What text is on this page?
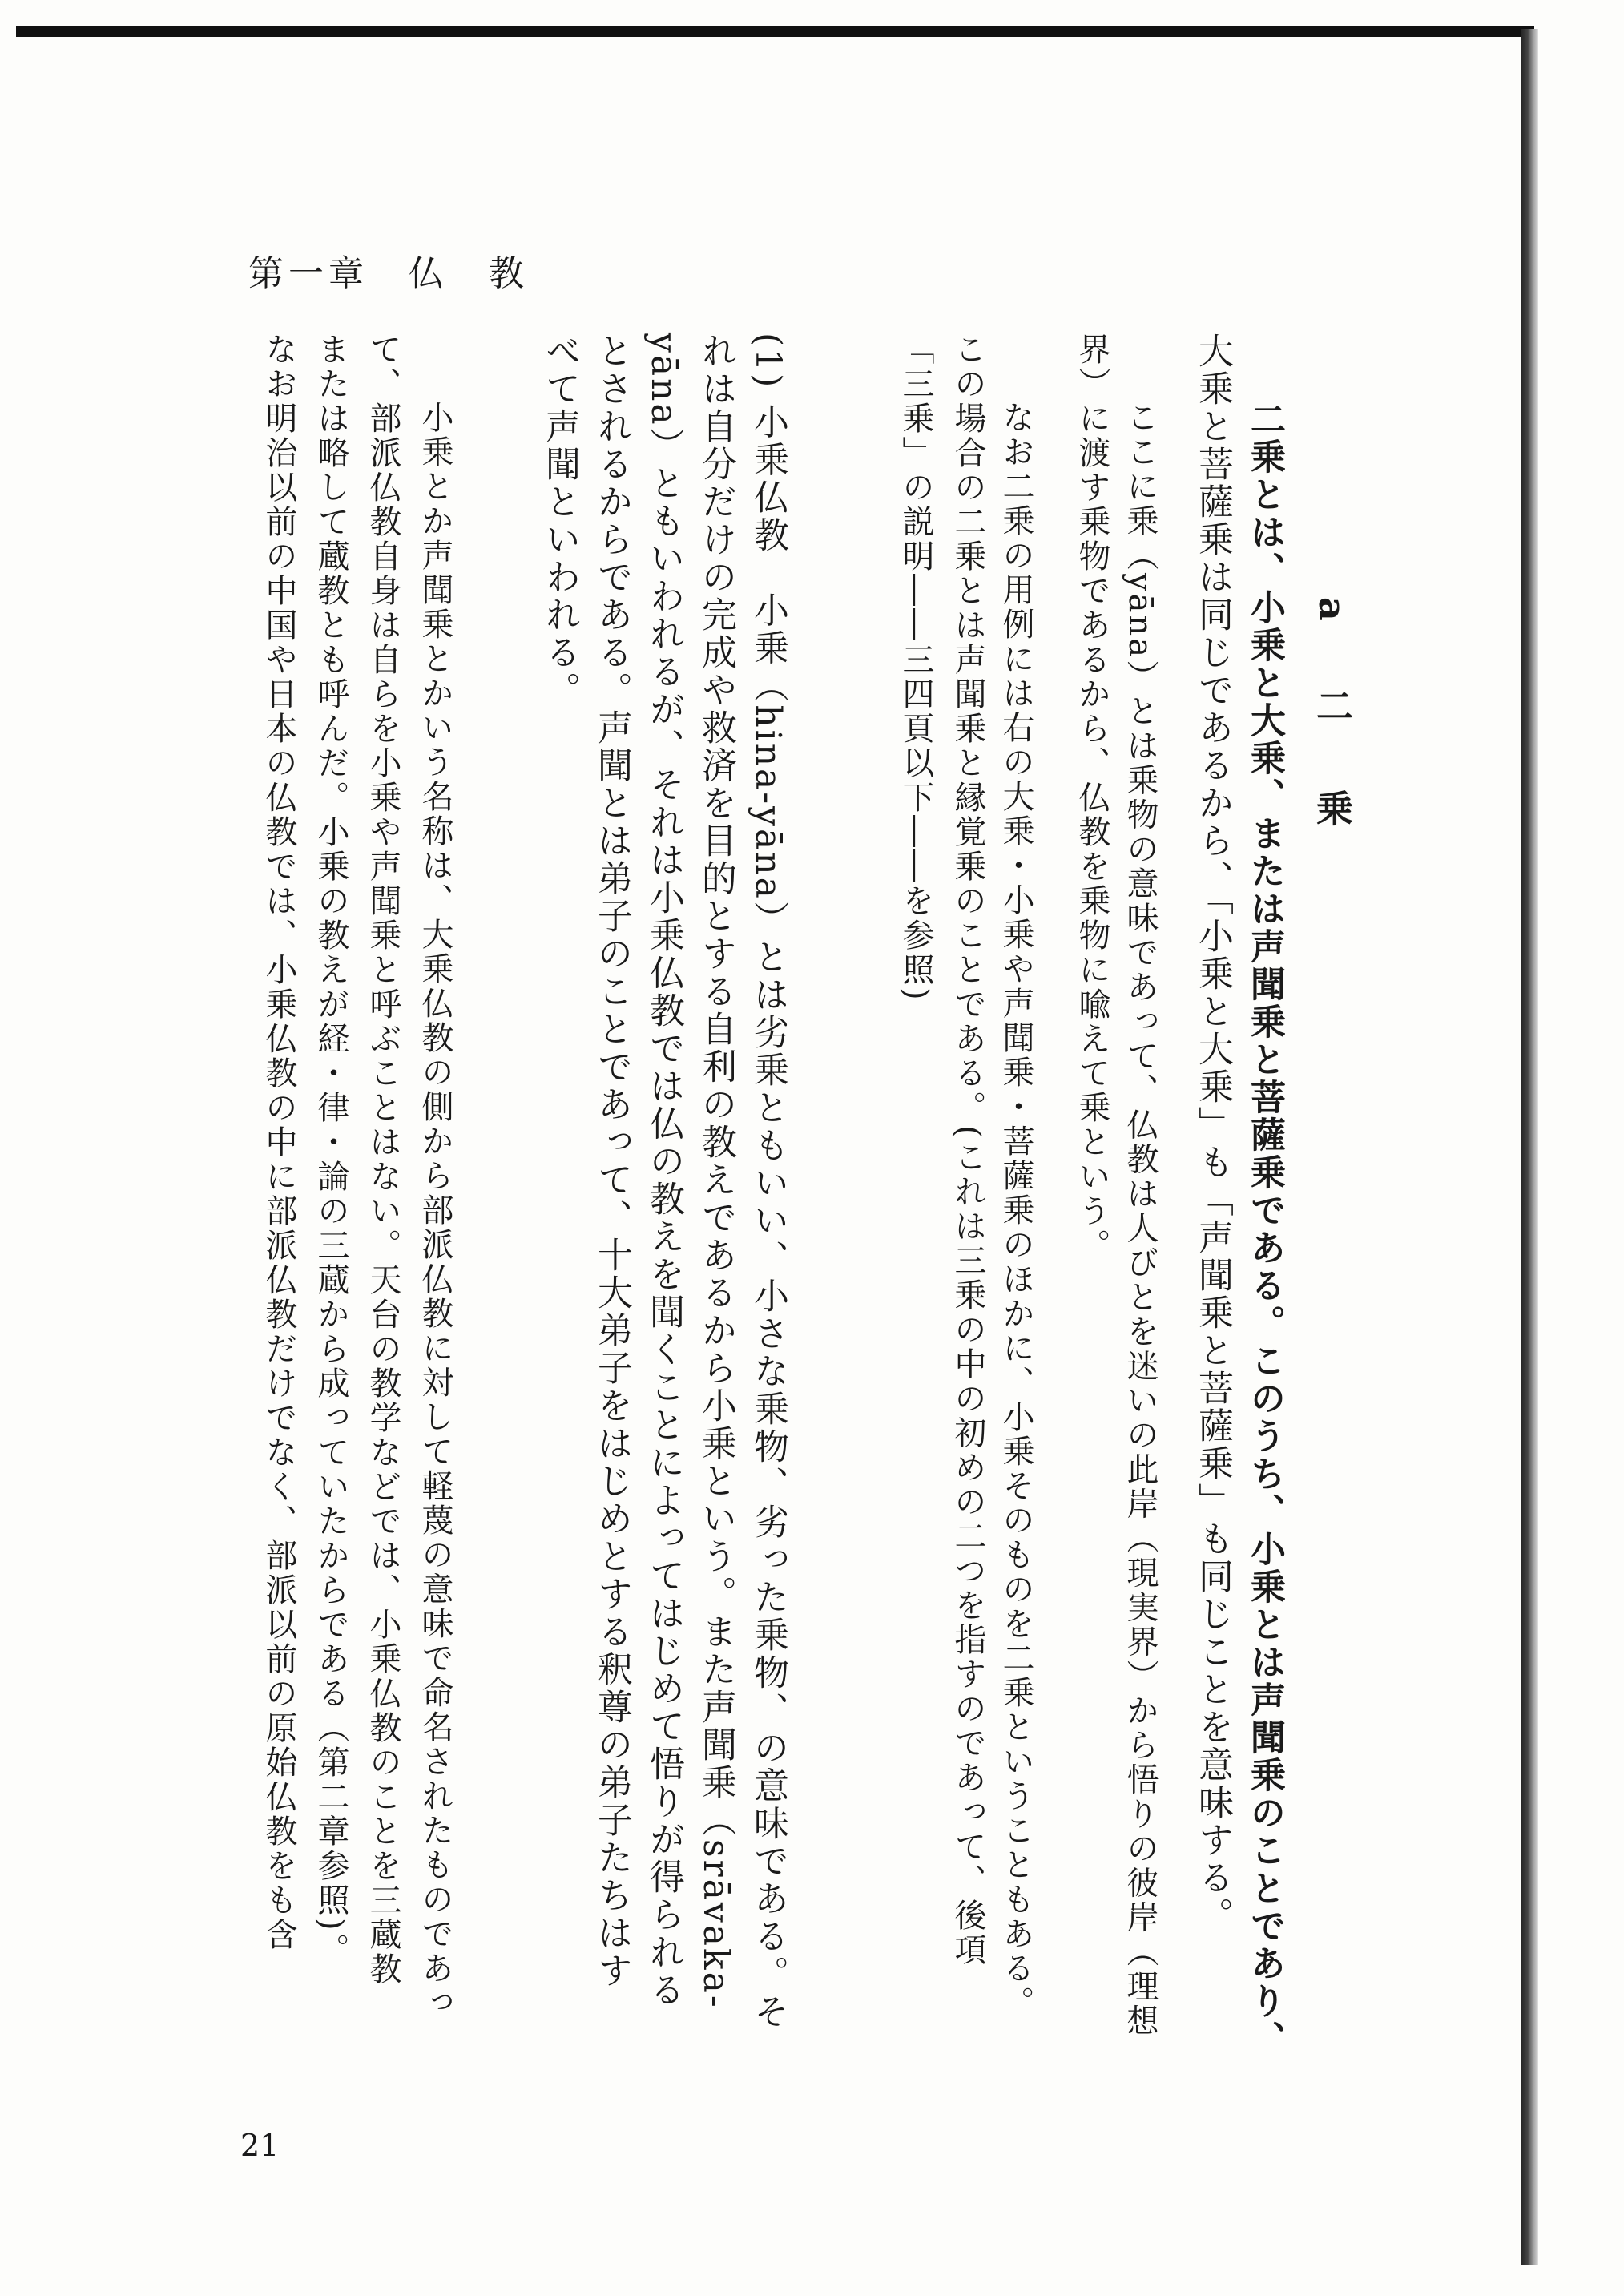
第一章　仏　教
a　二　乗
二乗とは、小乗と大乗、または声聞乗と菩薩乗である。このうち、小乗とは声聞乗のことであり、
大乗と菩薩乗は同じであるから、「小乗と大乗」も「声聞乗と菩薩乗」も同じことを意味する。
ここに乗（yāna）とは乗物の意味であって、仏教は人びとを迷いの此岸（現実界）から悟りの彼岸（理想
界）に渡す乗物であるから、仏教を乗物に喩えて乗という。
なお二乗の用例には右の大乗・小乗や声聞乗・菩薩乗のほかに、小乗そのものを二乗ということもある。
この場合の二乗とは声聞乗と縁覚乗のことである。(これは三乗の中の初めの二つを指すのであって、後項
「三乗」の説明――三四頁以下――を参照)
(1) 小乗仏教　小乗（hina-yāna）とは劣乗ともいい、小さな乗物、劣った乗物、の意味である。そ
れは自分だけの完成や救済を目的とする自利の教えであるから小乗という。また声聞乗（srāvaka-
yāna）ともいわれるが、それは小乗仏教では仏の教えを聞くことによってはじめて悟りが得られる
とされるからである。声聞とは弟子のことであって、十大弟子をはじめとする釈尊の弟子たちはす
べて声聞といわれる。
小乗とか声聞乗とかいう名称は、大乗仏教の側から部派仏教に対して軽蔑の意味で命名されたものであっ
て、部派仏教自身は自らを小乗や声聞乗と呼ぶことはない。天台の教学などでは、小乗仏教のことを三蔵教
または略して蔵教とも呼んだ。小乗の教えが経・律・論の三蔵から成っていたからである（第二章参照)。
なお明治以前の中国や日本の仏教では、小乗仏教の中に部派仏教だけでなく、部派以前の原始仏教をも含
21
